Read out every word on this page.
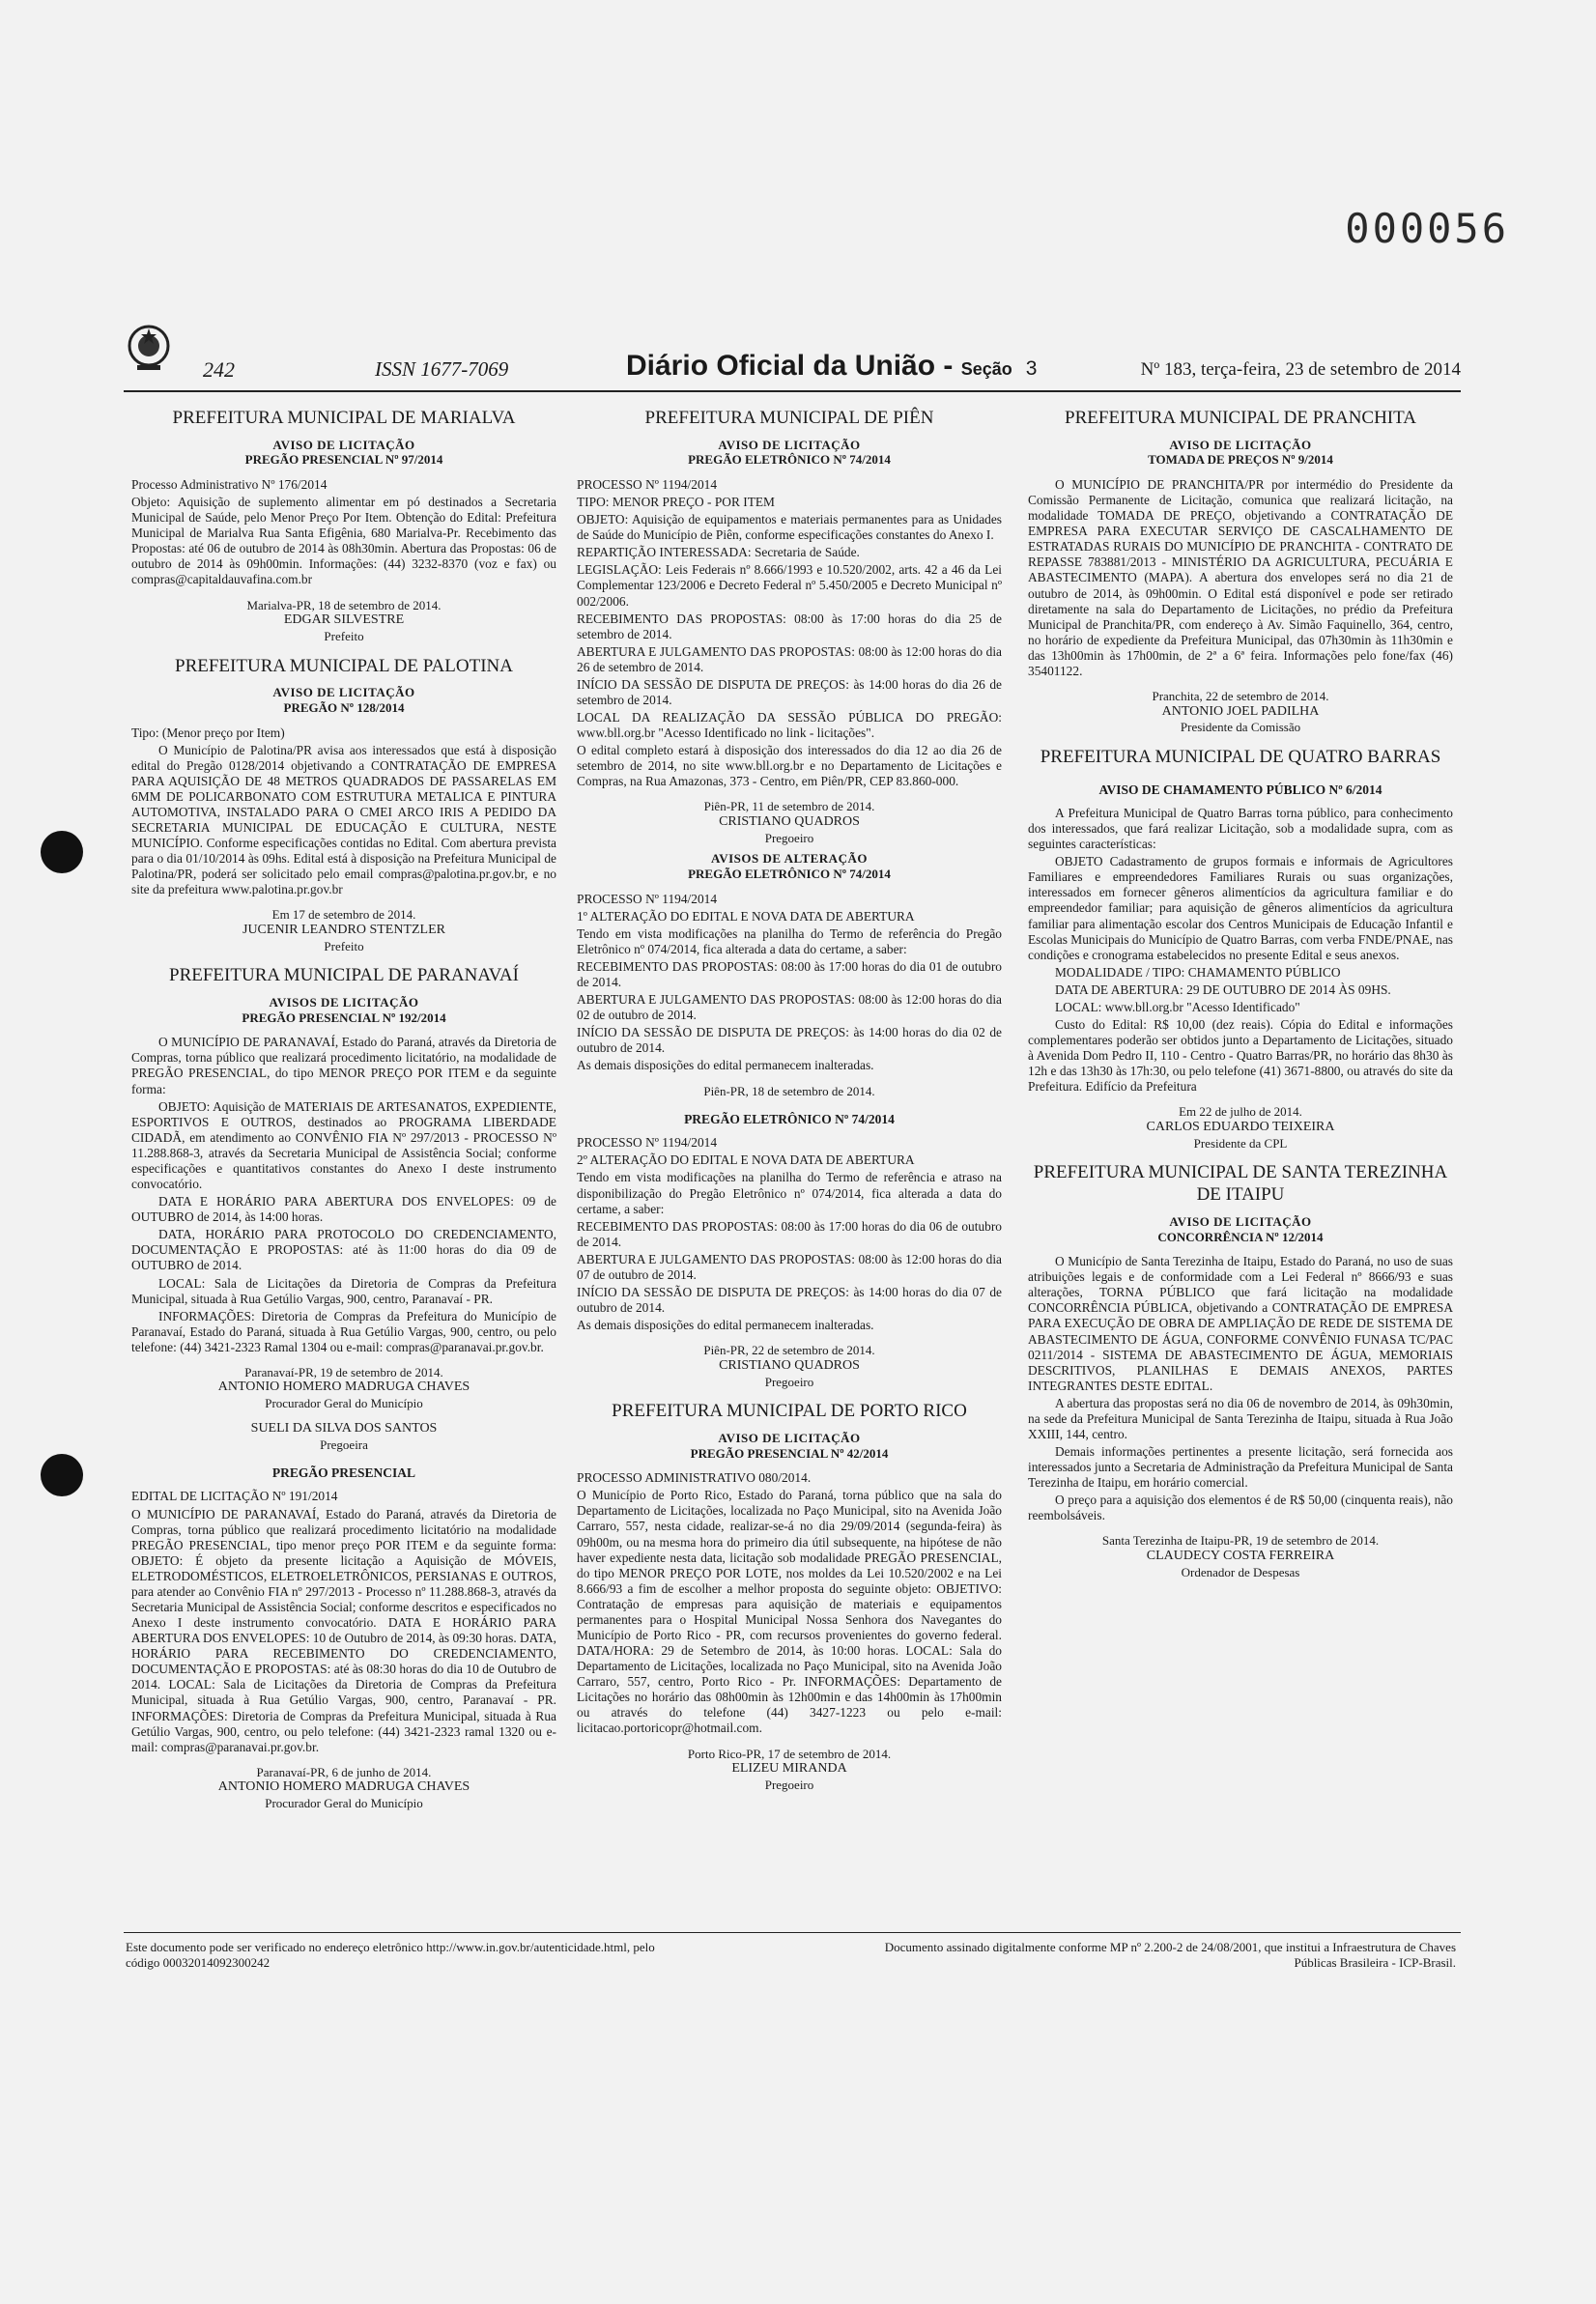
000056
242	ISSN 1677-7069	Diário Oficial da União - Seção 3	Nº 183, terça-feira, 23 de setembro de 2014
PREFEITURA MUNICIPAL DE MARIALVA
AVISO DE LICITAÇÃO
PREGÃO PRESENCIAL Nº 97/2014
Processo Administrativo Nº 176/2014
Objeto: Aquisição de suplemento alimentar em pó destinados a Secretaria Municipal de Saúde, pelo Menor Preço Por Item. Obtenção do Edital: Prefeitura Municipal de Marialva Rua Santa Efigênia, 680 Marialva-Pr. Recebimento das Propostas: até 06 de outubro de 2014 às 08h30min. Abertura das Propostas: 06 de outubro de 2014 às 09h00min. Informações: (44) 3232-8370 (voz e fax) ou compras@capitaldauvafina.com.br
Marialva-PR, 18 de setembro de 2014.
EDGAR SILVESTRE
Prefeito
PREFEITURA MUNICIPAL DE PALOTINA
AVISO DE LICITAÇÃO
PREGÃO Nº 128/2014
Tipo: (Menor preço por Item)
O Município de Palotina/PR avisa aos interessados que está à disposição edital do Pregão 0128/2014 objetivando a CONTRATAÇÃO DE EMPRESA PARA AQUISIÇÃO DE 48 METROS QUADRADOS DE PASSARELAS EM 6MM DE POLICARBONATO COM ESTRUTURA METALICA E PINTURA AUTOMOTIVA, INSTALADO PARA O CMEI ARCO IRIS A PEDIDO DA SECRETARIA MUNICIPAL DE EDUCAÇÃO E CULTURA, NESTE MUNICÍPIO. Conforme especificações contidas no Edital. Com abertura prevista para o dia 01/10/2014 às 09hs. Edital está à disposição na Prefeitura Municipal de Palotina/PR, poderá ser solicitado pelo email compras@palotina.pr.gov.br, e no site da prefeitura www.palotina.pr.gov.br
Em 17 de setembro de 2014.
JUCENIR LEANDRO STENTZLER
Prefeito
PREFEITURA MUNICIPAL DE PARANAVAÍ
AVISOS DE LICITAÇÃO
PREGÃO PRESENCIAL Nº 192/2014
O MUNICÍPIO DE PARANAVAÍ, Estado do Paraná, através da Diretoria de Compras, torna público que realizará procedimento licitatório, na modalidade de PREGÃO PRESENCIAL, do tipo MENOR PREÇO POR ITEM e da seguinte forma:
OBJETO: Aquisição de MATERIAIS DE ARTESANATOS, EXPEDIENTE, ESPORTIVOS E OUTROS, destinados ao PROGRAMA LIBERDADE CIDADÃ, em atendimento ao CONVÊNIO FIA Nº 297/2013 - PROCESSO Nº 11.288.868-3, através da Secretaria Municipal de Assistência Social; conforme especificações e quantitativos constantes do Anexo I deste instrumento convocatório.
DATA E HORÁRIO PARA ABERTURA DOS ENVELOPES: 09 de OUTUBRO de 2014, às 14:00 horas.
DATA, HORÁRIO PARA PROTOCOLO DO CREDENCIAMENTO, DOCUMENTAÇÃO E PROPOSTAS: até às 11:00 horas do dia 09 de OUTUBRO de 2014.
LOCAL: Sala de Licitações da Diretoria de Compras da Prefeitura Municipal, situada à Rua Getúlio Vargas, 900, centro, Paranavaí - PR.
INFORMAÇÕES: Diretoria de Compras da Prefeitura do Município de Paranavaí, Estado do Paraná, situada à Rua Getúlio Vargas, 900, centro, ou pelo telefone: (44) 3421-2323 Ramal 1304 ou e-mail: compras@paranavai.pr.gov.br.
Paranavaí-PR, 19 de setembro de 2014.
ANTONIO HOMERO MADRUGA CHAVES
Procurador Geral do Município
SUELI DA SILVA DOS SANTOS
Pregoeira
PREGÃO PRESENCIAL
EDITAL DE LICITAÇÃO Nº 191/2014
O MUNICÍPIO DE PARANAVAÍ, Estado do Paraná, através da Diretoria de Compras, torna público que realizará procedimento licitatório na modalidade PREGÃO PRESENCIAL, tipo menor preço POR ITEM e da seguinte forma: OBJETO: É objeto da presente licitação a Aquisição de MÓVEIS, ELETRODOMÉSTICOS, ELETROELETRÔNICOS, PERSIANAS E OUTROS, para atender ao Convênio FIA nº 297/2013 - Processo nº 11.288.868-3, através da Secretaria Municipal de Assistência Social; conforme descritos e especificados no Anexo I deste instrumento convocatório. DATA E HORÁRIO PARA ABERTURA DOS ENVELOPES: 10 de Outubro de 2014, às 09:30 horas. DATA, HORÁRIO PARA RECEBIMENTO DO CREDENCIAMENTO, DOCUMENTAÇÃO E PROPOSTAS: até às 08:30 horas do dia 10 de Outubro de 2014. LOCAL: Sala de Licitações da Diretoria de Compras da Prefeitura Municipal, situada à Rua Getúlio Vargas, 900, centro, Paranavaí - PR. INFORMAÇÕES: Diretoria de Compras da Prefeitura Municipal, situada à Rua Getúlio Vargas, 900, centro, ou pelo telefone: (44) 3421-2323 ramal 1320 ou e-mail: compras@paranavai.pr.gov.br.
Paranavaí-PR, 6 de junho de 2014.
ANTONIO HOMERO MADRUGA CHAVES
Procurador Geral do Município
PREFEITURA MUNICIPAL DE PIÊN
AVISO DE LICITAÇÃO
PREGÃO ELETRÔNICO Nº 74/2014
PROCESSO Nº 1194/2014
TIPO: MENOR PREÇO - POR ITEM
OBJETO: Aquisição de equipamentos e materiais permanentes para as Unidades de Saúde do Município de Piên, conforme especificações constantes do Anexo I.
REPARTIÇÃO INTERESSADA: Secretaria de Saúde.
LEGISLAÇÃO: Leis Federais nº 8.666/1993 e 10.520/2002, arts. 42 a 46 da Lei Complementar 123/2006 e Decreto Federal nº 5.450/2005 e Decreto Municipal nº 002/2006.
RECEBIMENTO DAS PROPOSTAS: 08:00 às 17:00 horas do dia 25 de setembro de 2014.
ABERTURA E JULGAMENTO DAS PROPOSTAS: 08:00 às 12:00 horas do dia 26 de setembro de 2014.
INÍCIO DA SESSÃO DE DISPUTA DE PREÇOS: às 14:00 horas do dia 26 de setembro de 2014.
LOCAL DA REALIZAÇÃO DA SESSÃO PÚBLICA DO PREGÃO: www.bll.org.br "Acesso Identificado no link - licitações".
O edital completo estará à disposição dos interessados do dia 12 ao dia 26 de setembro de 2014, no site www.bll.org.br e no Departamento de Licitações e Compras, na Rua Amazonas, 373 - Centro, em Piên/PR, CEP 83.860-000.
Piên-PR, 11 de setembro de 2014.
CRISTIANO QUADROS
Pregoeiro
AVISOS DE ALTERAÇÃO
PREGÃO ELETRÔNICO Nº 74/2014
PROCESSO Nº 1194/2014
1º ALTERAÇÃO DO EDITAL E NOVA DATA DE ABERTURA
Tendo em vista modificações na planilha do Termo de referência do Pregão Eletrônico nº 074/2014, fica alterada a data do certame, a saber:
RECEBIMENTO DAS PROPOSTAS: 08:00 às 17:00 horas do dia 01 de outubro de 2014.
ABERTURA E JULGAMENTO DAS PROPOSTAS: 08:00 às 12:00 horas do dia 02 de outubro de 2014.
INÍCIO DA SESSÃO DE DISPUTA DE PREÇOS: às 14:00 horas do dia 02 de outubro de 2014.
As demais disposições do edital permanecem inalteradas.
Piên-PR, 18 de setembro de 2014.
PREGÃO ELETRÔNICO Nº 74/2014
PROCESSO Nº 1194/2014
2º ALTERAÇÃO DO EDITAL E NOVA DATA DE ABERTURA
Tendo em vista modificações na planilha do Termo de referência e atraso na disponibilização do Pregão Eletrônico nº 074/2014, fica alterada a data do certame, a saber:
RECEBIMENTO DAS PROPOSTAS: 08:00 às 17:00 horas do dia 06 de outubro de 2014.
ABERTURA E JULGAMENTO DAS PROPOSTAS: 08:00 às 12:00 horas do dia 07 de outubro de 2014.
INÍCIO DA SESSÃO DE DISPUTA DE PREÇOS: às 14:00 horas do dia 07 de outubro de 2014.
As demais disposições do edital permanecem inalteradas.
Piên-PR, 22 de setembro de 2014.
CRISTIANO QUADROS
Pregoeiro
PREFEITURA MUNICIPAL DE PORTO RICO
AVISO DE LICITAÇÃO
PREGÃO PRESENCIAL Nº 42/2014
PROCESSO ADMINISTRATIVO 080/2014.
O Município de Porto Rico, Estado do Paraná, torna público que na sala do Departamento de Licitações, localizada no Paço Municipal, sito na Avenida João Carraro, 557, nesta cidade, realizar-se-á no dia 29/09/2014 (segunda-feira) às 09h00m, ou na mesma hora do primeiro dia útil subsequente, na hipótese de não haver expediente nesta data, licitação sob modalidade PREGÃO PRESENCIAL, do tipo MENOR PREÇO POR LOTE, nos moldes da Lei 10.520/2002 e na Lei 8.666/93 a fim de escolher a melhor proposta do seguinte objeto: OBJETIVO: Contratação de empresas para aquisição de materiais e equipamentos permanentes para o Hospital Municipal Nossa Senhora dos Navegantes do Município de Porto Rico - PR, com recursos provenientes do governo federal. DATA/HORA: 29 de Setembro de 2014, às 10:00 horas. LOCAL: Sala do Departamento de Licitações, localizada no Paço Municipal, sito na Avenida João Carraro, 557, centro, Porto Rico - Pr. INFORMAÇÕES: Departamento de Licitações no horário das 08h00min às 12h00min e das 14h00min às 17h00min ou através do telefone (44) 3427-1223 ou pelo e-mail: licitacao.portoricopr@hotmail.com.
Porto Rico-PR, 17 de setembro de 2014.
ELIZEU MIRANDA
Pregoeiro
PREFEITURA MUNICIPAL DE PRANCHITA
AVISO DE LICITAÇÃO
TOMADA DE PREÇOS Nº 9/2014
O MUNICÍPIO DE PRANCHITA/PR por intermédio do Presidente da Comissão Permanente de Licitação, comunica que realizará licitação, na modalidade TOMADA DE PREÇO, objetivando a CONTRATAÇÃO DE EMPRESA PARA EXECUTAR SERVIÇO DE CASCALHAMENTO DE ESTRATADAS RURAIS DO MUNICÍPIO DE PRANCHITA - CONTRATO DE REPASSE 783881/2013 - MINISTÉRIO DA AGRICULTURA, PECUÁRIA E ABASTECIMENTO (MAPA). A abertura dos envelopes será no dia 21 de outubro de 2014, às 09h00min. O Edital está disponível e pode ser retirado diretamente na sala do Departamento de Licitações, no prédio da Prefeitura Municipal de Pranchita/PR, com endereço à Av. Simão Faquinello, 364, centro, no horário de expediente da Prefeitura Municipal, das 07h30min às 11h30min e das 13h00min às 17h00min, de 2ª a 6ª feira. Informações pelo fone/fax (46) 35401122.
Pranchita, 22 de setembro de 2014.
ANTONIO JOEL PADILHA
Presidente da Comissão
PREFEITURA MUNICIPAL DE QUATRO BARRAS
AVISO DE CHAMAMENTO PÚBLICO Nº 6/2014
A Prefeitura Municipal de Quatro Barras torna público, para conhecimento dos interessados, que fará realizar Licitação, sob a modalidade supra, com as seguintes características:
OBJETO Cadastramento de grupos formais e informais de Agricultores Familiares e empreendedores Familiares Rurais ou suas organizações, interessados em fornecer gêneros alimentícios da agricultura familiar e do empreendedor familiar; para aquisição de gêneros alimentícios da agricultura familiar para alimentação escolar dos Centros Municipais de Educação Infantil e Escolas Municipais do Município de Quatro Barras, com verba FNDE/PNAE, nas condições e cronograma estabelecidos no presente Edital e seus anexos.
MODALIDADE / TIPO: CHAMAMENTO PÚBLICO
DATA DE ABERTURA: 29 DE OUTUBRO DE 2014 ÀS 09HS.
LOCAL: www.bll.org.br "Acesso Identificado"
Custo do Edital: R$ 10,00 (dez reais). Cópia do Edital e informações complementares poderão ser obtidos junto a Departamento de Licitações, situado à Avenida Dom Pedro II, 110 - Centro - Quatro Barras/PR, no horário das 8h30 às 12h e das 13h30 às 17h:30, ou pelo telefone (41) 3671-8800, ou através do site da Prefeitura. Edifício da Prefeitura
Em 22 de julho de 2014.
CARLOS EDUARDO TEIXEIRA
Presidente da CPL
PREFEITURA MUNICIPAL DE SANTA TEREZINHA DE ITAIPU
AVISO DE LICITAÇÃO
CONCORRÊNCIA Nº 12/2014
O Município de Santa Terezinha de Itaipu, Estado do Paraná, no uso de suas atribuições legais e de conformidade com a Lei Federal nº 8666/93 e suas alterações, TORNA PÚBLICO que fará licitação na modalidade CONCORRÊNCIA PÚBLICA, objetivando a CONTRATAÇÃO DE EMPRESA PARA EXECUÇÃO DE OBRA DE AMPLIAÇÃO DE REDE DE SISTEMA DE ABASTECIMENTO DE ÁGUA, CONFORME CONVÊNIO FUNASA TC/PAC 0211/2014 - SISTEMA DE ABASTECIMENTO DE ÁGUA, MEMORIAIS DESCRITIVOS, PLANILHAS E DEMAIS ANEXOS, PARTES INTEGRANTES DESTE EDITAL.
A abertura das propostas será no dia 06 de novembro de 2014, às 09h30min, na sede da Prefeitura Municipal de Santa Terezinha de Itaipu, situada à Rua João XXIII, 144, centro.
Demais informações pertinentes a presente licitação, será fornecida aos interessados junto a Secretaria de Administração da Prefeitura Municipal de Santa Terezinha de Itaipu, em horário comercial.
O preço para a aquisição dos elementos é de R$ 50,00 (cinquenta reais), não reembolsáveis.
Santa Terezinha de Itaipu-PR, 19 de setembro de 2014.
CLAUDECY COSTA FERREIRA
Ordenador de Despesas
Este documento pode ser verificado no endereço eletrônico http://www.in.gov.br/autenticidade.html, pelo código 00032014092300242
Documento assinado digitalmente conforme MP nº 2.200-2 de 24/08/2001, que institui a Infraestrutura de Chaves Públicas Brasileira - ICP-Brasil.
